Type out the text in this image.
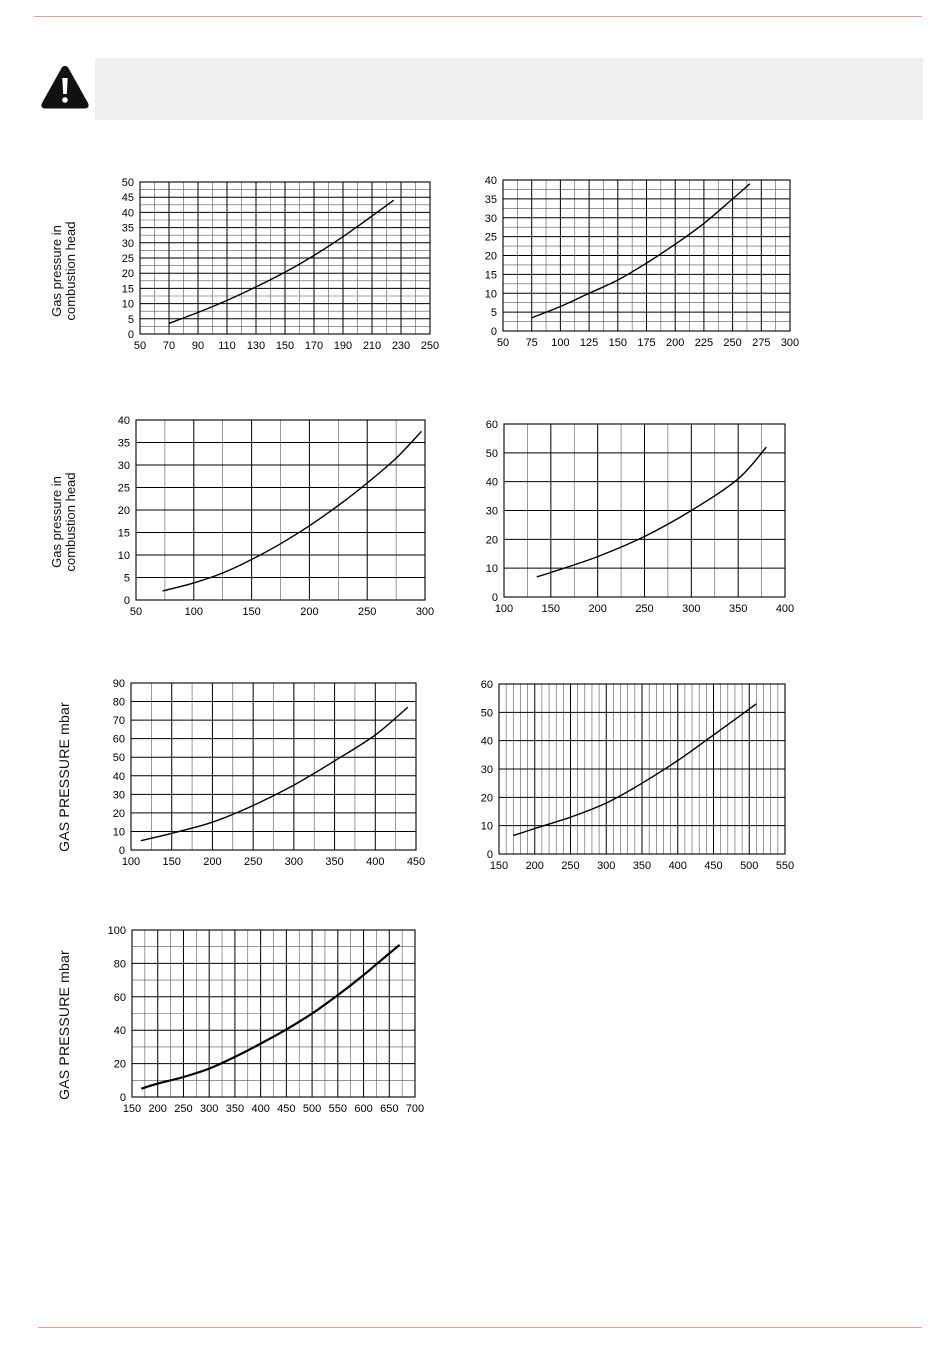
Gas pressure in combustion head
Gas pressure in combustion head
GAS PRESSURE mbar
GAS PRESSURE mbar
50 70 90 110 130 150 170 190 210 230 250
0
5
10
15
20
25
30
35
40
45
50
50 75 100 125 150 175 200 225 250 275 300
0
5
10
15
20
25
30
35
40
50	100	150	200	250	300
0
5
10
15
20
25
30
35
40
100	150	200	250	300	350	400
0
10
20
30
40
50
60
100 150 200 250 300 350 400 450
0
10
20
30
40
50
60
70
80
90
150 200 250 300 350 400 450 500 550
0
10
20
30
40
50
60
150 200 250 300 350 400 450 500 550 600 650 700
0
20
40
60
80
100
